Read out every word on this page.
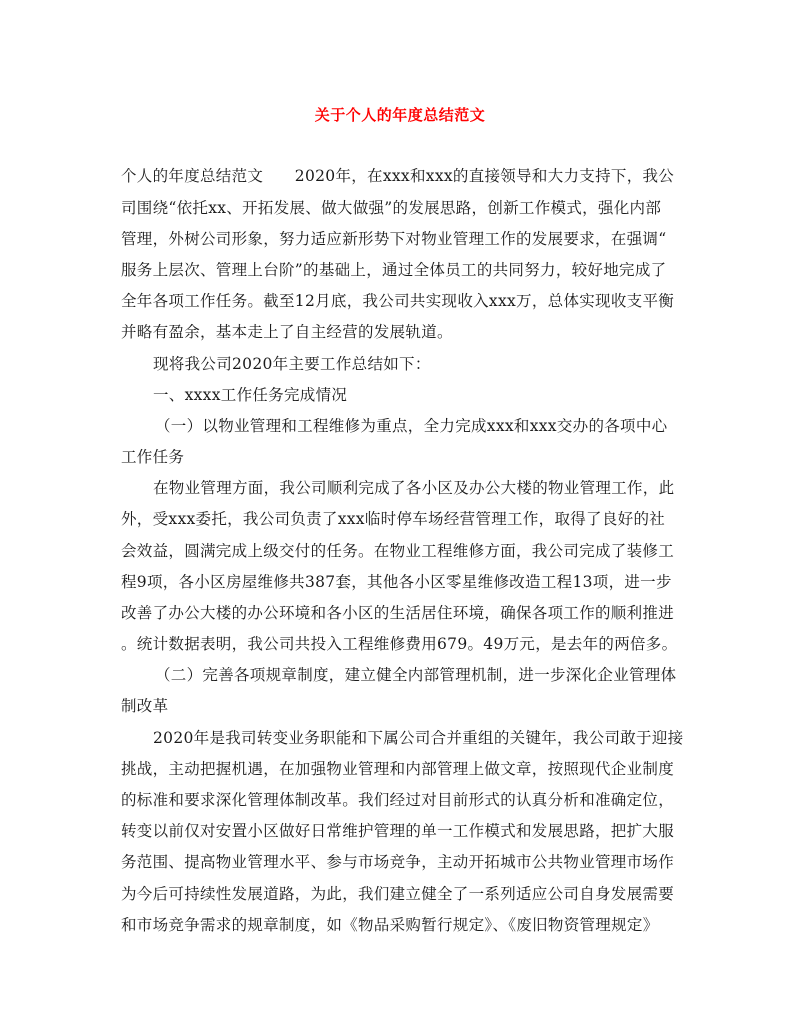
关于个人的年度总结范文
个人的年度总结范文　　2020年，在xxx和xxx的直接领导和大力支持下，我公
司围绕“依托xx、开拓发展、做大做强”的发展思路，创新工作模式，强化内部
管理，外树公司形象，努力适应新形势下对物业管理工作的发展要求，在强调“
服务上层次、管理上台阶”的基础上，通过全体员工的共同努力，较好地完成了
全年各项工作任务。截至12月底，我公司共实现收入xxx万，总体实现收支平衡
并略有盈余，基本走上了自主经营的发展轨道。
现将我公司2020年主要工作总结如下：
一、xxxx工作任务完成情况
（一）以物业管理和工程维修为重点，全力完成xxx和xxx交办的各项中心
工作任务
在物业管理方面，我公司顺利完成了各小区及办公大楼的物业管理工作，此
外，受xxx委托，我公司负责了xxx临时停车场经营管理工作，取得了良好的社
会效益，圆满完成上级交付的任务。在物业工程维修方面，我公司完成了装修工
程9项，各小区房屋维修共387套，其他各小区零星维修改造工程13项，进一步
改善了办公大楼的办公环境和各小区的生活居住环境，确保各项工作的顺利推进
。统计数据表明，我公司共投入工程维修费用679。49万元，是去年的两倍多。
（二）完善各项规章制度，建立健全内部管理机制，进一步深化企业管理体
制改革
2020年是我司转变业务职能和下属公司合并重组的关键年，我公司敢于迎接
挑战，主动把握机遇，在加强物业管理和内部管理上做文章，按照现代企业制度
的标准和要求深化管理体制改革。我们经过对目前形式的认真分析和准确定位，
转变以前仅对安置小区做好日常维护管理的单一工作模式和发展思路，把扩大服
务范围、提高物业管理水平、参与市场竞争，主动开拓城市公共物业管理市场作
为今后可持续性发展道路，为此，我们建立健全了一系列适应公司自身发展需要
和市场竞争需求的规章制度，如《物品采购暂行规定》、《废旧物资管理规定》
